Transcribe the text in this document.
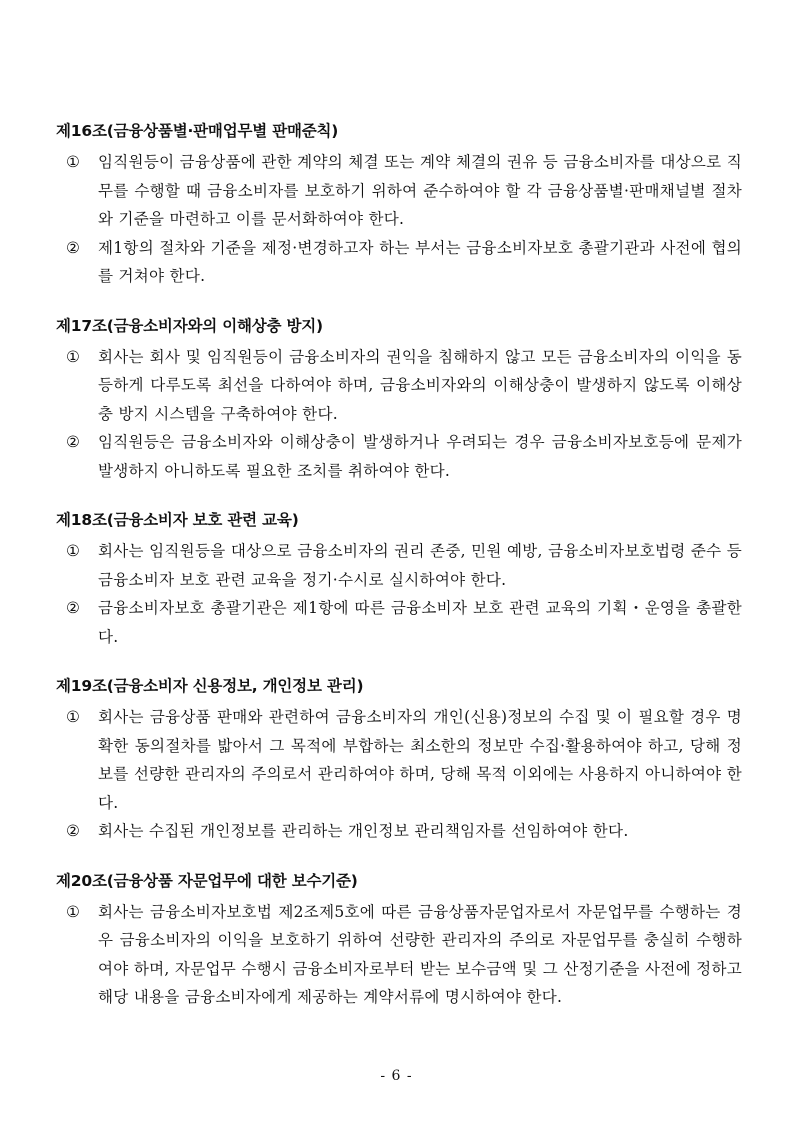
제16조(금융상품별·판매업무별 판매준칙)
①	임직원등이 금융상품에 관한 계약의 체결 또는 계약 체결의 권유 등 금융소비자를 대상으로 직무를 수행할 때 금융소비자를 보호하기 위하여 준수하여야 할 각 금융상품별·판매채널별 절차와 기준을 마련하고 이를 문서화하여야 한다.
②	제1항의 절차와 기준을 제정·변경하고자 하는 부서는 금융소비자보호 총괄기관과 사전에 협의를 거쳐야 한다.
제17조(금융소비자와의 이해상충 방지)
①	회사는 회사 및 임직원등이 금융소비자의 권익을 침해하지 않고 모든 금융소비자의 이익을 동등하게 다루도록 최선을 다하여야 하며, 금융소비자와의 이해상충이 발생하지 않도록 이해상충 방지 시스템을 구축하여야 한다.
②	임직원등은 금융소비자와 이해상충이 발생하거나 우려되는 경우 금융소비자보호등에 문제가 발생하지 아니하도록 필요한 조치를 취하여야 한다.
제18조(금융소비자 보호 관련 교육)
①	회사는 임직원등을 대상으로 금융소비자의 권리 존중, 민원 예방, 금융소비자보호법령 준수 등 금융소비자 보호 관련 교육을 정기·수시로 실시하여야 한다.
②	금융소비자보호 총괄기관은 제1항에 따른 금융소비자 보호 관련 교육의 기획・운영을 총괄한다.
제19조(금융소비자 신용정보, 개인정보 관리)
①	회사는 금융상품 판매와 관련하여 금융소비자의 개인(신용)정보의 수집 및 이 필요할 경우 명확한 동의절차를 밟아서 그 목적에 부합하는 최소한의 정보만 수집·활용하여야 하고, 당해 정보를 선량한 관리자의 주의로서 관리하여야 하며, 당해 목적 이외에는 사용하지 아니하여야 한다.
②	회사는 수집된 개인정보를 관리하는 개인정보 관리책임자를 선임하여야 한다.
제20조(금융상품 자문업무에 대한 보수기준)
①	회사는 금융소비자보호법 제2조제5호에 따른 금융상품자문업자로서 자문업무를 수행하는 경우 금융소비자의 이익을 보호하기 위하여 선량한 관리자의 주의로 자문업무를 충실히 수행하여야 하며, 자문업무 수행시 금융소비자로부터 받는 보수금액 및 그 산정기준을 사전에 정하고 해당 내용을 금융소비자에게 제공하는 계약서류에 명시하여야 한다.
- 6 -
